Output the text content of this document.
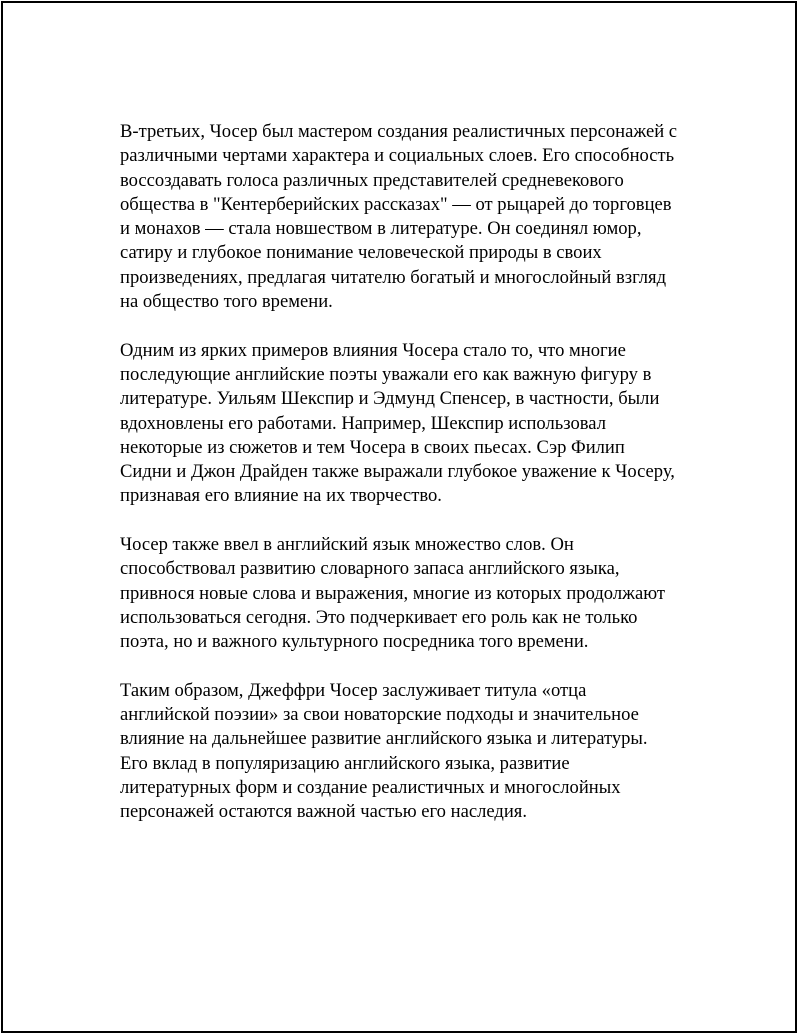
В-третьих, Чосер был мастером создания реалистичных персонажей с различными чертами характера и социальных слоев. Его способность воссоздавать голоса различных представителей средневекового общества в "Кентерберийских рассказах" — от рыцарей до торговцев и монахов — стала новшеством в литературе. Он соединял юмор, сатиру и глубокое понимание человеческой природы в своих произведениях, предлагая читателю богатый и многослойный взгляд на общество того времени.

Одним из ярких примеров влияния Чосера стало то, что многие последующие английские поэты уважали его как важную фигуру в литературе. Уильям Шекспир и Эдмунд Спенсер, в частности, были вдохновлены его работами. Например, Шекспир использовал некоторые из сюжетов и тем Чосера в своих пьесах. Сэр Филип Сидни и Джон Драйден также выражали глубокое уважение к Чосеру, признавая его влияние на их творчество.

Чосер также ввел в английский язык множество слов. Он способствовал развитию словарного запаса английского языка, привнося новые слова и выражения, многие из которых продолжают использоваться сегодня. Это подчеркивает его роль как не только поэта, но и важного культурного посредника того времени.

Таким образом, Джеффри Чосер заслуживает титула «отца английской поэзии» за свои новаторские подходы и значительное влияние на дальнейшее развитие английского языка и литературы. Его вклад в популяризацию английского языка, развитие литературных форм и создание реалистичных и многослойных персонажей остаются важной частью его наследия.
